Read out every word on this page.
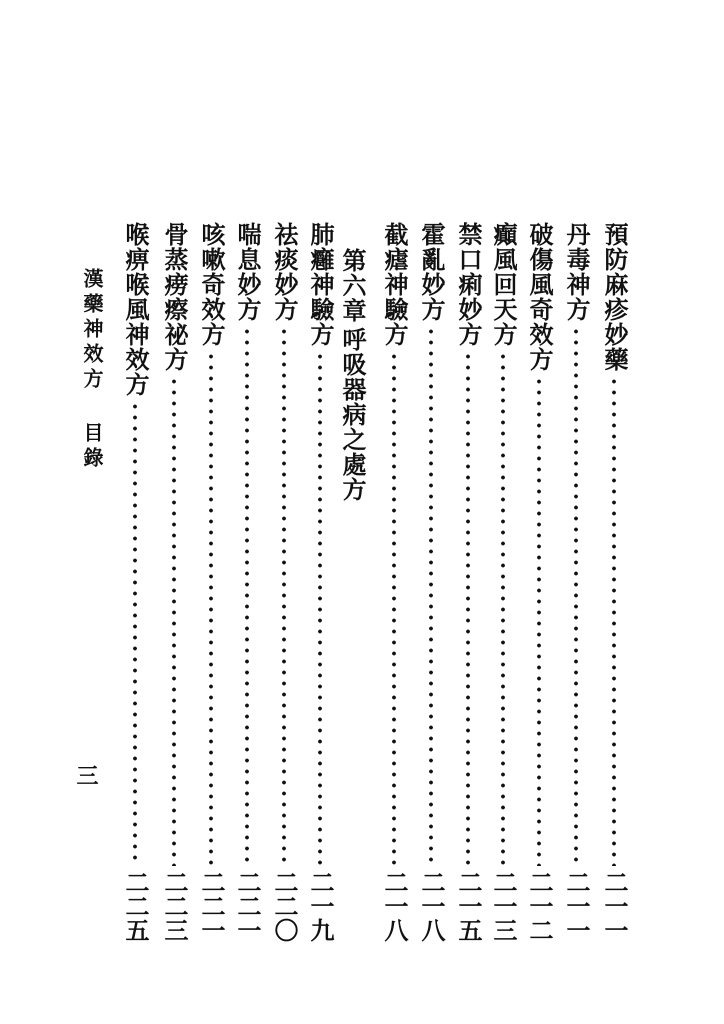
預防麻疹妙藥
二一一
丹毒神方
二一一
破傷風奇效方
二一二
癲風回天方
二一三
禁口痢妙方
二一五
霍亂妙方
二一八
截瘧神驗方
二一八
第六章呼吸器病之處方
肺癰神驗方
二一九
祛痰妙方
二二〇
喘息妙方
二二一
咳嗽奇效方
二二一
骨蒸痨瘵祕方
二二三
喉痹喉風神效方
二二五
漢藥神效方 目錄
三
